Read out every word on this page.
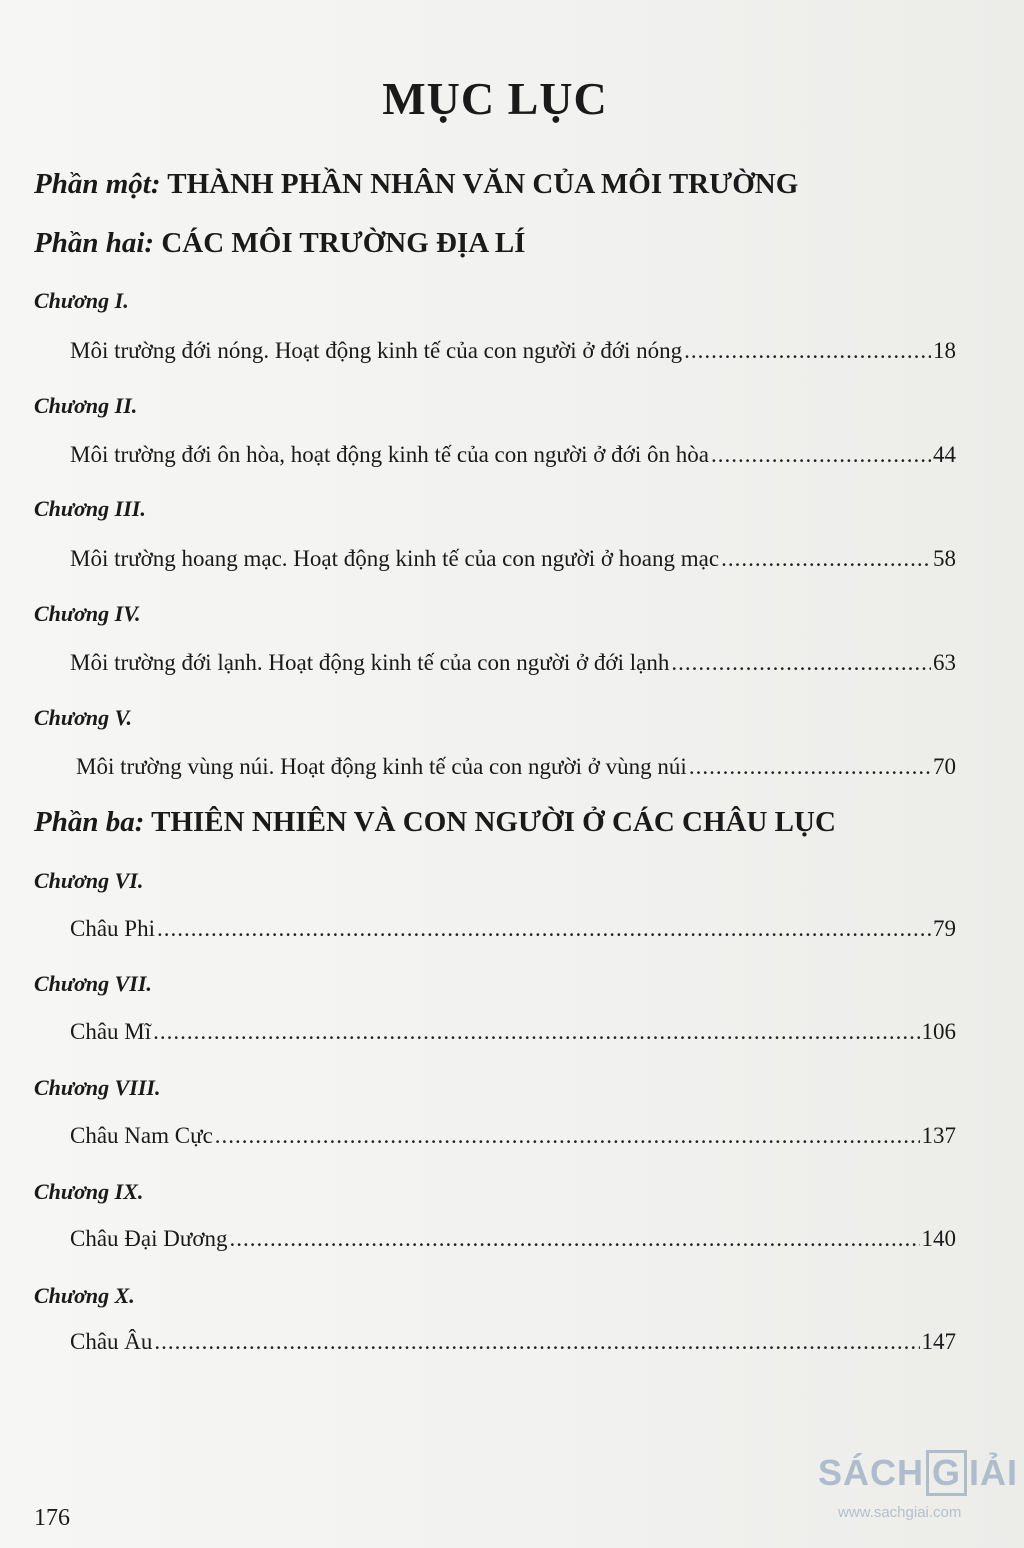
MỤC LỤC
Phần một: THÀNH PHẦN NHÂN VĂN CỦA MÔI TRƯỜNG
Phần hai: CÁC MÔI TRƯỜNG ĐỊA LÍ
Chương I.
Môi trường đới nóng. Hoạt động kinh tế của con người ở đới nóng .....	18
Chương II.
Môi trường đới ôn hòa, hoạt động kinh tế của con người ở đới ôn hòa .....	44
Chương III.
Môi trường hoang mạc. Hoạt động kinh tế của con người ở hoang mạc .....	58
Chương IV.
Môi trường đới lạnh. Hoạt động kinh tế của con người ở đới lạnh .....	63
Chương V.
Môi trường vùng núi. Hoạt động kinh tế của con người ở vùng núi .....	70
Phần ba: THIÊN NHIÊN VÀ CON NGƯỜI Ở CÁC CHÂU LỤC
Chương VI.
Châu Phi .....	79
Chương VII.
Châu Mĩ .....	106
Chương VIII.
Châu Nam Cực .....	137
Chương IX.
Châu Đại Dương .....	140
Chương X.
Châu Âu .....	147
176
SÁCH G IẢI
www.sachgiai.com
